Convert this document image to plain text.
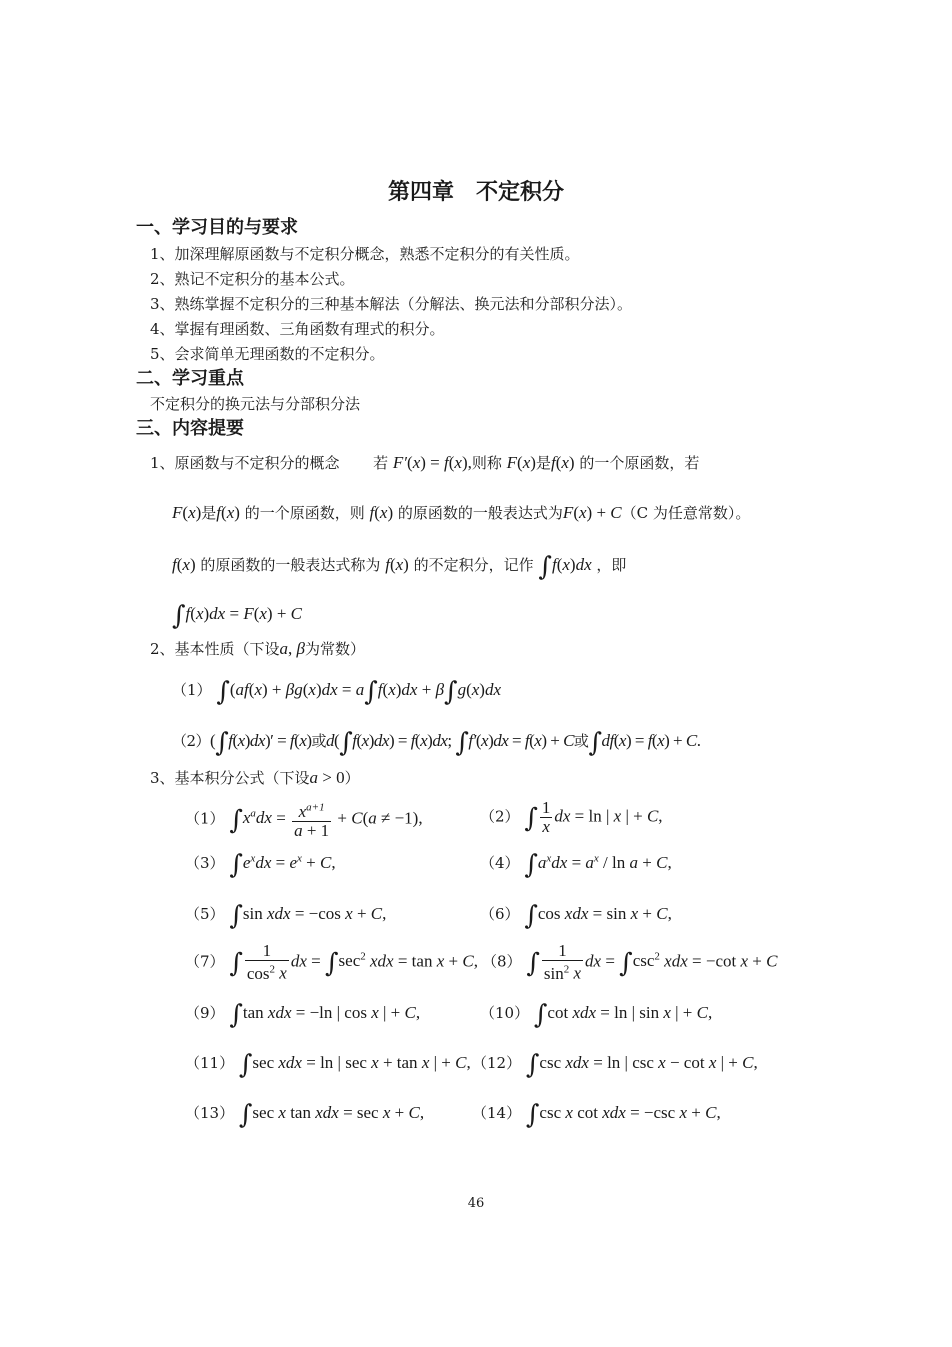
第四章　不定积分
一、学习目的与要求
1、加深理解原函数与不定积分概念，熟悉不定积分的有关性质。
2、熟记不定积分的基本公式。
3、熟练掌握不定积分的三种基本解法（分解法、换元法和分部积分法）。
4、掌握有理函数、三角函数有理式的积分。
5、会求简单无理函数的不定积分。
二、学习重点
不定积分的换元法与分部积分法
三、内容提要
1、原函数与不定积分的概念 若 F′(x) = f(x),则称 F(x)是f(x) 的一个原函数，若
F(x)是f(x) 的一个原函数，则 f(x) 的原函数的一般表达式为F(x) + C（C 为任意常数）。
f(x) 的原函数的一般表达式称为 f(x) 的不定积分，记作 ∫f(x)dx ，即
∫f(x)dx = F(x) + C
2、基本性质（下设a, β为常数）
（1） ∫(af(x) + βg(x)dx = a∫f(x)dx + β∫g(x)dx
（2）(∫f(x)dx)′ = f(x)或d(∫f(x)dx) = f(x)dx; ∫f′(x)dx = f(x) + C或∫df(x) = f(x) + C.
3、基本积分公式（下设a > 0）
（1） $\int x^adx = \frac{x^{a+1}}{a + 1} + C(a \ne -1)$,	（2） ∫ $\frac{1}{x}$ dx = ln | x | + C,
（3） $\int e^xdx = e^x + C$,	（4） $\int a^xdx = a^x / \ln a + C$,
（5） ∫sin xdx = −cos x + C,	（6） ∫cos xdx = sin x + C,
（7） ∫ $\frac{1}{\cos^2 x}$ dx = $\int\sec^2$ xdx = tan x + C, （8） ∫ $\frac{1}{\sin^2 x}$ dx = $\int\csc^2$ xdx = −cot x + C
（9） ∫tan xdx = −ln | cos x | + C,	（10） ∫cot xdx = ln | sin x | + C,
（11） ∫sec xdx = ln | sec x + tan x | + C, （12） ∫csc xdx = ln | csc x − cot x | + C,
（13） ∫sec x tan xdx = sec x + C,	（14） ∫csc x cot xdx = −csc x + C,
46
